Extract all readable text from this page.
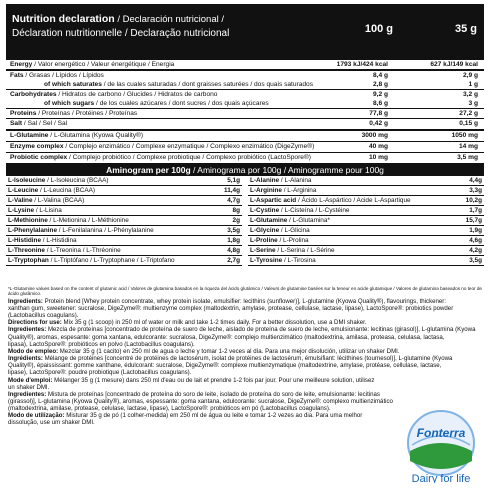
Nutrition declaration / Declaración nutricional /
Déclaration nutritionnelle / Declaração nutricional	100 g	35 g
Energy / Valor energético / Valeur énergétique / Energia	1793 kJ/424 kcal	627 kJ/149 kcal
Fats / Grasas / Lípidos / Lípidos	8,4 g	2,9 g
of which saturates / de las cuales saturadas / dont graisses saturées / dos quais saturados	2,8 g	1 g
Carbohydrates / Hidratos de carbono / Glucides / Hidratos de carbono	9,2 g	3,2 g
of which sugars / de los cuales azúcares / dont sucres / dos quais açúcares	8,6 g	3 g
Proteins / Proteínas / Protéines / Proteínas	77,8 g	27,2 g
Salt / Sal / Sel / Sal	0,42 g	0,15 g
L-Glutamine / L-Glutamina (Kyowa Quality®)	3000 mg	1050 mg
Enzyme complex / Complejo enzimático / Complexe enzymatique / Complexo enzimático (DigeZyme®)	40 mg	14 mg
Probiotic complex / Complejo probiótico / Complexe probiotique / Complexo probiótico (LactoSpore®)	10 mg	3,5 mg
Aminogram per 100g / Aminograma por 100g / Aminogramme pour 100g
L-Isoleucine / L-Isoleucina (BCAA)	5,1g
L-Leucine / L-Leucina (BCAA)	11,4g
L-Valine / L-Valina (BCAA)	4,7g
L-Lysine / L-Lisina	8g
L-Methionine / L-Metionina / L-Méthionine	2g
L-Phenylalanine / L-Fenilalanina / L-Phénylalanine	3,5g
L-Histidine / L-Histidina	1,8g
L-Threonine / L-Treonina / L-Thréonine	4,8g
L-Tryptophan / L-Triptófano / L-Tryptophane / L-Triptofano	2,7g
L-Alanine / L-Alanina	4,4g
L-Arginine / L-Arginina	3,3g
L-Aspartic acid / Ácido L-Aspártico / Acide L-Aspartique	10,2g
L-Cystine / L-Cisteína / L-Cystéine	1,7g
L-Glutamine / L-Glutamina*	15,7g
L-Glycine / L-Glicina	1,9g
L-Proline / L-Prolina	4,6g
L-Serine / L-Serina / L-Sérine	4,2g
L-Tyrosine / L-Tirosina	3,5g
*L-Glutamine values based on the content of glutamic acid / Valores de glutamina basados en la riqueza del ácido glutámico / Valeurs de glutamine basées sur la teneur en acide glutamique / Valores de glutamina baseados no teor de ácido glutâmico.
Ingredients: Protein blend [Whey protein concentrate, whey protein isolate, emulsifier: lecithins (sunflower)], L-glutamine (Kyowa Quality®), flavourings, thickener:
xanthan gum, sweetener: sucralose, DigeZyme®: multienzyme complex (maltodextrin, amylase, protease, cellulase, lactase, lipase), LactoSpore®: probiotics powder
(Lactobacillus coagulans).
Directions for use: Mix 35 g (1 scoop) in 250 ml of water or milk and take 1-2 times daily. For a better dissolution, use a DMI shaker.
Ingredientes: Mezcla de proteínas [concentrado de proteína de suero de leche, aislado de proteína de suero de leche, emulsionante: lecitinas (girasol)], L-glutamina (Kyowa
Quality®), aromas, espesante: goma xantana, edulcorante: sucralosa, DigeZyme®: complejo multienzimático (maltodextrina, amilasa, proteasa, celulasa, lactasa,
lipasa), LactoSpore®: probióticos en polvo (Lactobacillus coagulans).
Modo de empleo: Mezclar 35 g (1 cacito) en 250 ml de agua o leche y tomar 1-2 veces al día. Para una mejor disolución, utilizar un shaker DMI.
Ingrédients: Mélange de protéines [concentré de protéines de lactosérum, isolat de protéines de lactosérum, émulsifiant: lécithines (tournesol)], L-glutamine (Kyowa
Quality®), épaississant: gomme xanthane, édulcorant: sucralose, DigeZyme®: complexe multienzymatique (maltodextrine, amylase, protéase, cellulase, lactase,
lipase), LactoSpore®: poudre probiotique (Lactobacillus coagulans).
Mode d'emploi: Mélanger 35 g (1 mesure) dans 250 ml d'eau ou de lait et prendre 1-2 fois par jour. Pour une meilleure solution, utilisez
un shaker DMI.
Ingredientes: Mistura de proteínas [concentrado de proteína do soro de leite, isolado de proteína do soro de leite, emulsionante: lecitinas
(girassol)], L-glutamina (Kyowa Quality®), aromas, espessante: goma xantana, edulcorante: sucralose, DigeZyme®: complexo multienzimático
(maltodextrina, amilase, protease, celulase, lactase, lipase), LactoSpore®: probióticos em pó (Lactobacillus coagulans).
Modo de utilização: Misturar 35 g de pó (1 colher-medida) em 250 ml de água ou leite e tomar 1-2 vezes ao dia. Para uma melhor
dissolução, use um shaker DMI.
Fonterra
Dairy for life
